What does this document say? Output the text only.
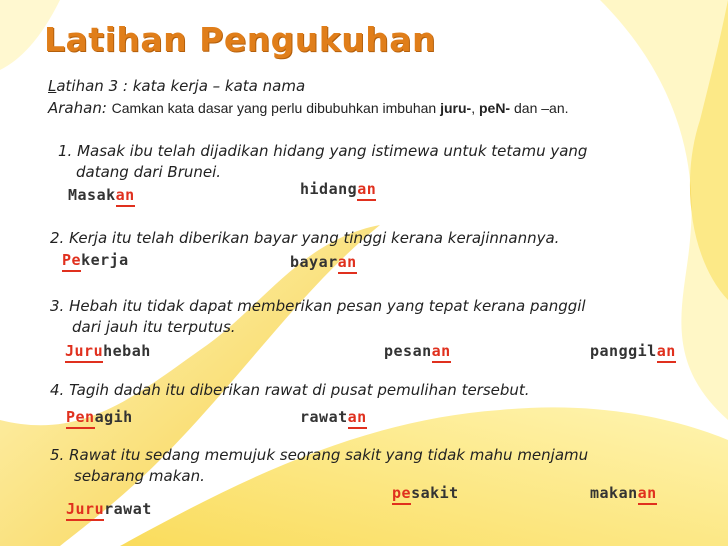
Latihan Pengukuhan
Latihan 3 : kata kerja – kata nama
Arahan: Camkan kata dasar yang perlu dibubuhkan imbuhan juru-, peN- dan –an.
1. Masak ibu telah dijadikan hidang yang istimewa untuk tetamu yang
datang dari Brunei.
Masakan	hidangan
2. Kerja itu telah diberikan bayar yang tinggi kerana kerajinnannya.
Pekerja	bayaran
3. Hebah itu tidak dapat memberikan pesan yang tepat kerana panggil
dari jauh itu terputus.
Juruhebah	pesanan	panggilan
4. Tagih dadah itu diberikan rawat di pusat pemulihan tersebut.
Penagih	rawatan
5. Rawat itu sedang memujuk seorang sakit yang tidak mahu menjamu
sebarang makan.
Jururawat
pesakit	makanan
